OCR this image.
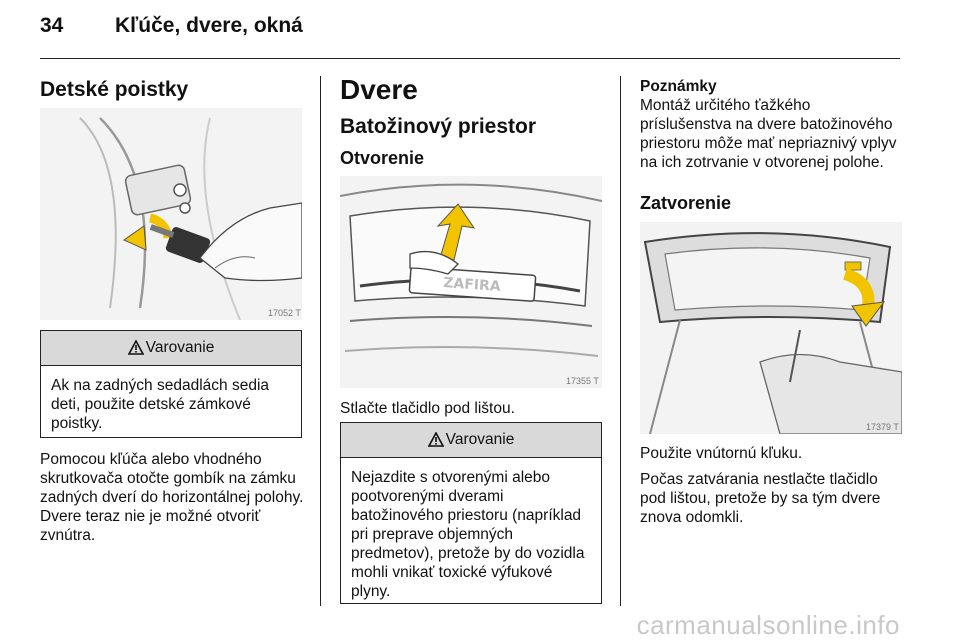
34 Kľúče, dvere, okná
Detské poistky
17052 T
Varovanie
Ak na zadných sedadlách sedia deti, použite detské zámkové poistky.
Pomocou kľúča alebo vhodného skrutkovača otočte gombík na zámku zadných dverí do horizontálnej polohy. Dvere teraz nie je možné otvoriť zvnútra.
Dvere
Batožinový priestor
Otvorenie
ZAFIRA
17355 T
Stlačte tlačidlo pod lištou.
Varovanie
Nejazdite s otvorenými alebo pootvorenými dverami batožinového priestoru (napríklad pri preprave objemných predmetov), pretože by do vozidla mohli vnikať toxické výfukové plyny.
Poznámky
Montáž určitého ťažkého príslušenstva na dvere batožinového priestoru môže mať nepriaznivý vplyv na ich zotrvanie v otvorenej polohe.
Zatvorenie
17379 T
Použite vnútornú kľuku.
Počas zatvárania nestlačte tlačidlo pod lištou, pretože by sa tým dvere znova odomkli.
carmanualsonline.info
